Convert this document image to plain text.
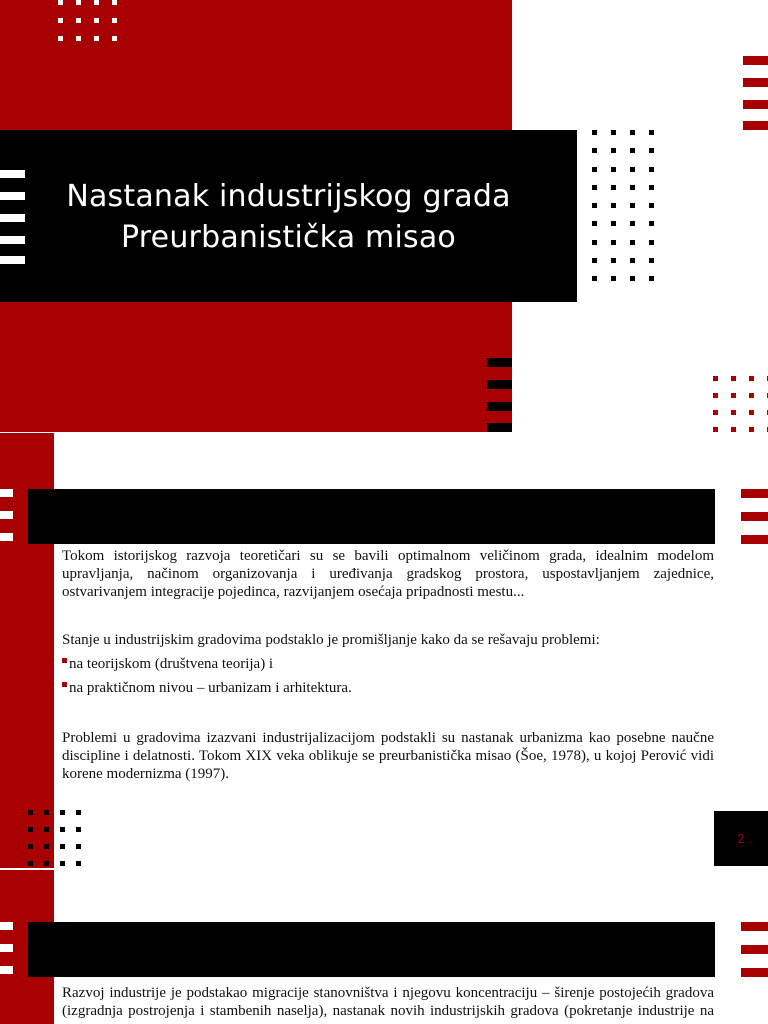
Nastanak industrijskog grada
Preurbanistička misao

Tokom istorijskog razvoja teoretičari su se bavili optimalnom veličinom grada, idealnim modelom

upravljanja, načinom organizovanja i uređivanja gradskog prostora, uspostavljanjem zajednice,

ostvarivanjem integracije pojedinca, razvijanjem osećaja pripadnosti mestu...

Stanje u industrijskim gradovima podstaklo je promišljanje kako da se rešavaju problemi:
na teorijskom (društvena teorija) i
na praktičnom nivou – urbanizam i arhitektura.

Problemi u gradovima izazvani industrijalizacijom podstakli su nastanak urbanizma kao posebne naučne

discipline i delatnosti. Tokom XIX veka oblikuje se preurbanistička misao (Šoe, 1978), u kojoj Perović vidi

korene modernizma (1997).

2

Razvoj industrije je podstakao migracije stanovništva i njegovu koncentraciju – širenje postojećih gradova

(izgradnja postrojenja i stambenih naselja), nastanak novih industrijskih gradova (pokretanje industrije na
